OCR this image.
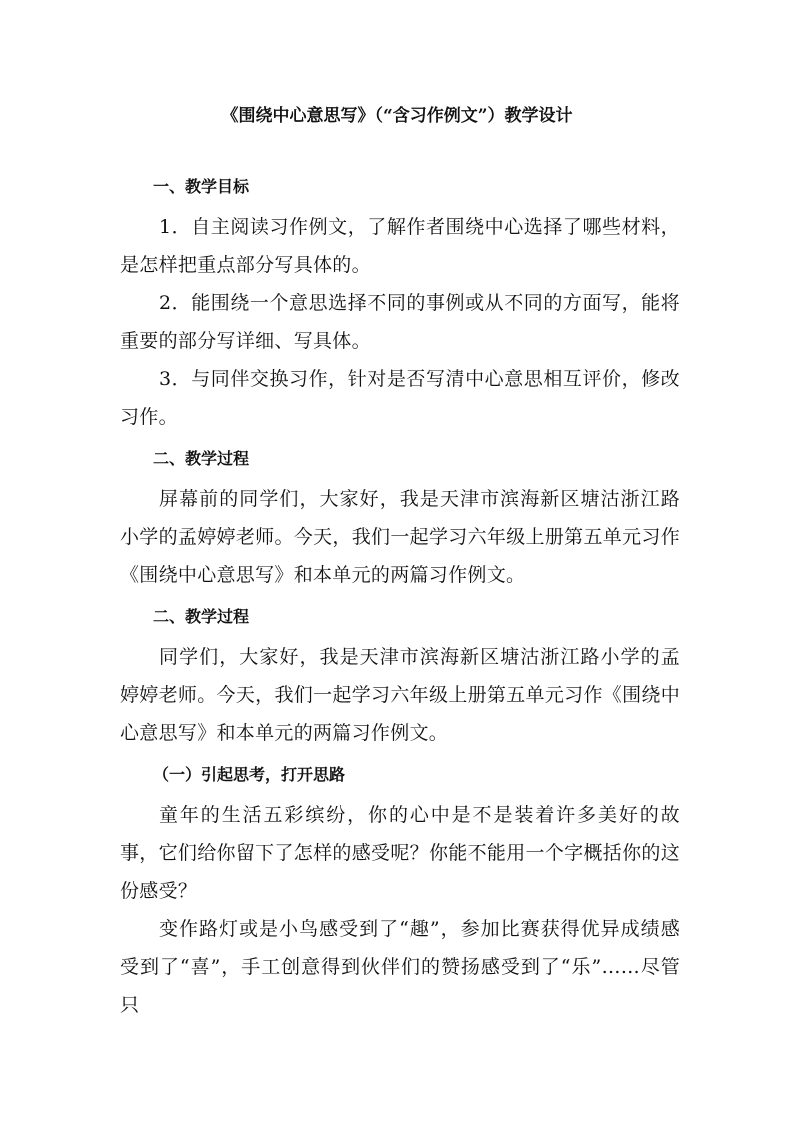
《围绕中心意思写》（“含习作例文”）教学设计
一、教学目标

1．自主阅读习作例文，了解作者围绕中心选择了哪些材料，是怎样把重点部分写具体的。

2．能围绕一个意思选择不同的事例或从不同的方面写，能将重要的部分写详细、写具体。

3．与同伴交换习作，针对是否写清中心意思相互评价，修改习作。

二、教学过程

屏幕前的同学们，大家好，我是天津市滨海新区塘沽浙江路小学的孟婷婷老师。今天，我们一起学习六年级上册第五单元习作《围绕中心意思写》和本单元的两篇习作例文。

二、教学过程

同学们，大家好，我是天津市滨海新区塘沽浙江路小学的孟婷婷老师。今天，我们一起学习六年级上册第五单元习作《围绕中心意思写》和本单元的两篇习作例文。

（一）引起思考，打开思路

童年的生活五彩缤纷，你的心中是不是装着许多美好的故事，它们给你留下了怎样的感受呢？你能不能用一个字概括你的这份感受？

变作路灯或是小鸟感受到了“趣”，参加比赛获得优异成绩感受到了“喜”，手工创意得到伙伴们的赞扬感受到了“乐”……尽管只
